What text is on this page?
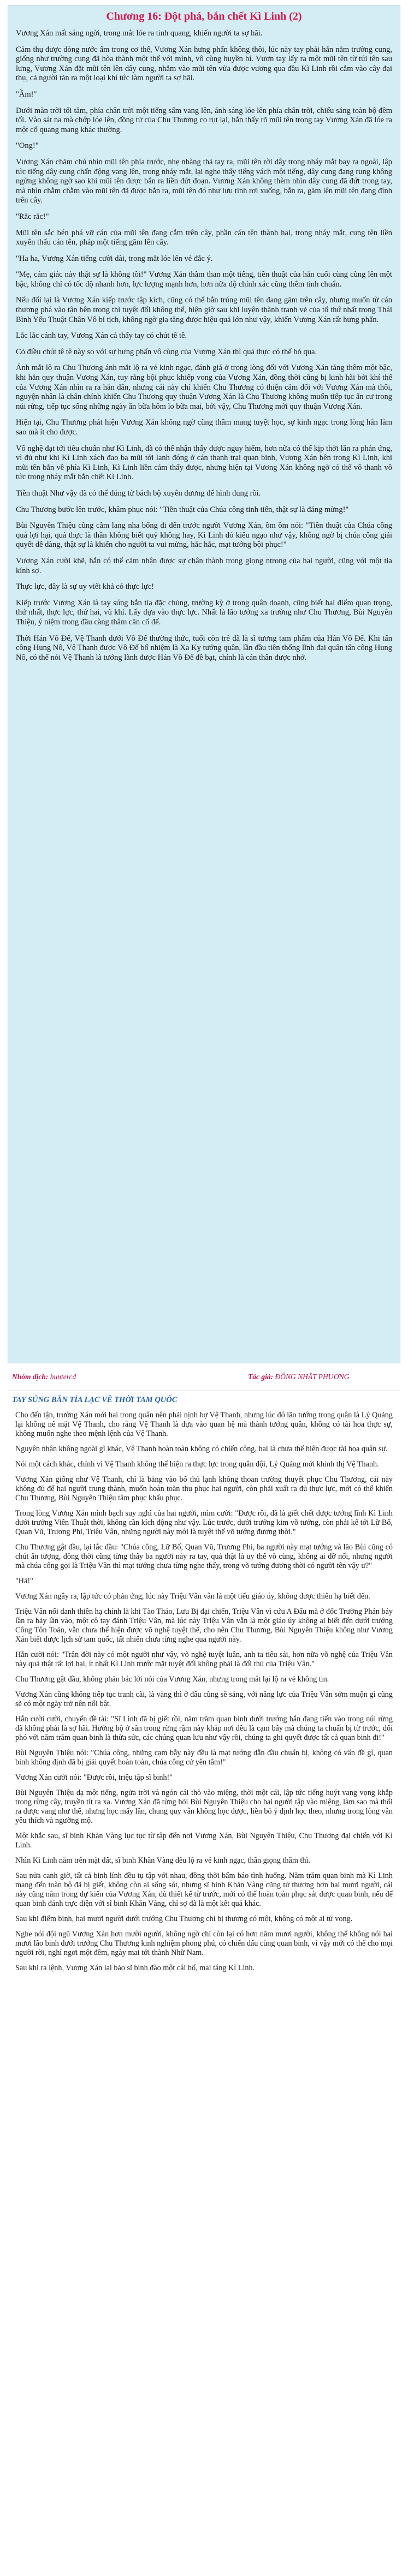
Chương 16: Đột phá, bắn chết Kì Linh (2)

Vương Xán mất sáng ngời, trong mắt lóe ra tinh quang, khiến người ta sợ hãi.

Cảm thụ được dòng nước ấm trong cơ thể, Vương Xán hưng phấn không thôi, lúc này tay phải hắn nắm trường cung, giống như trường cung đã hòa thành một thể với mình, vô cùng huyền bí. Vươn tay lấy ra một mũi tên từ túi tên sau lưng, Vương Xán đặt mũi tên lên dây cung, nhắm vào mũi tên vừa được vương qua đầu Kì Linh rồi cắm vào cây đại thụ, cả người tản ra một loại khí tức làm người ta sợ hãi.

"Ầm!"

Dưới màn trời tối tăm, phía chân trời một tiếng sấm vang lên, ánh sáng lóe lên phía chân trời, chiếu sáng toàn bộ đêm tối. Vào sát na mà chớp lóe lên, đồng tử của Chu Thương co rụt lại, hắn thấy rõ mũi tên trong tay Vương Xán đã lóe ra một cổ quang mang khác thường.

"Ong!"

Vương Xán chăm chú nhìn mũi tên phía trước, nhẹ nhàng thả tay ra, mũi tên rời dây trong nháy mắt bay ra ngoài, lập tức tiếng dây cung chấn động vang lên, trong nháy mắt, lại nghe thấy tiếng vách một tiếng, dây cung đang rung không ngừng không ngờ sao khi mũi tên được bắn ra liền đứt đoạn. Vương Xán không thèm nhìn dây cung đã đứt trong tay, mà nhìn chằm chằm vào mũi tên đã được bắn ra, mũi tên đó như lưu tinh rơi xuống, bắn ra, găm lên mũi tên đang đính trên cây.

"Rắc rắc!"

Mũi tên sắc bén phá vỡ cán của mũi tên đang cắm trên cây, phần cán tên thành hai, trong nháy mắt, cung tên liền xuyên thấu cán tên, pháp một tiếng găm lên cây.

"Ha ha, Vương Xán tiếng cười dài, trong mắt lóe lên vẻ đắc ý.

"Mẹ, cám giác này thật sự là không tồi!" Vương Xán thầm than một tiếng, tiền thuật của hắn cuối cùng cũng lên một bậc, không chỉ có tốc độ nhanh hơn, lực lượng mạnh hơn, hơn nữa độ chính xác cũng thêm tinh chuẩn.

Nếu đổi lại là Vương Xán kiếp trước tập kích, cũng có thể bắn trúng mũi tên đang găm trên cây, nhưng muốn từ cán thương phá vào tận bên trong thì tuyệt đối không thể, hiện giờ sau khi luyện thành tranh vẻ của tổ thứ nhất trong Thái Bình Yếu Thuật Chân Vô bí tịch, không ngờ gia tăng được hiệu quả lớn như vậy, khiến Vương Xán rất hưng phấn.

Lắc lắc cánh tay, Vương Xán cả thấy tay có chút tê tê.

Cỏ điều chút tê tê này so với sự hưng phấn vô cùng của Vương Xán thì quả thực có thể bỏ qua.

Ánh mắt lộ ra Chu Thương ánh mắt lộ ra vẻ kinh ngạc, đánh giá ở trong lòng đối với Vương Xán tăng thêm một bậc, khi hắn quy thuận Vương Xán, tuy rằng bội phục khiếp vong của Vương Xán, đồng thời cũng bị kinh hãi bởi khí thế của Vương Xán nhìn ra ra hắn dẫn, nhưng cái này chỉ khiến Chu Thương có thiện cảm đối với Vương Xán mà thôi, nguyện nhân là chân chính khiến Chu Thương quy thuận Vương Xán là Chu Thương không muốn tiếp tục ẩn cư trong núi rừng, tiếp tục sống những ngày ăn bữa hôm lo bữa mai, bởi vậy, Chu Thương mới quy thuận Vương Xán.

Hiện tại, Chu Thương phát hiện Vương Xán không ngờ cũng thâm mang tuyệt học, sợ kinh ngạc trong lòng hắn làm sao mà ít cho được.

Vô nghệ đạt tới tiêu chuẩn như Kì Linh, đã có thể nhận thấy được nguy hiểm, hơn nữa có thể kịp thời lăn ra phản ứng, vì đủ như khi Kì Linh xách đao ba mũi tới lanh đóng ở cán thanh trại quan binh, Vương Xán bên trong Kì Linh, khi mũi tên bắn về phía Kì Linh, Kì Linh liền cảm thấy được, nhưng hiện tại Vương Xán không ngờ có thể vô thanh vô tức trong nháy mắt bắn chết Kì Linh.

Tiền thuật Như vậy đã có thể đúng từ bách bộ xuyên dương để hình dung rồi.

Chu Thương bước lên trước, khâm phục nói: "Tiền thuật của Chúa công tinh tiến, thật sự là đáng mừng!"

Bùi Nguyên Thiệu cũng cầm lang nha bổng đi đến trước người Vương Xán, ồm ồm nói: "Tiền thuật của Chúa công quá lợi hại, quả thực là thần không biết quỷ không hay, Kì Linh đó kiêu ngạo như vậy, không ngờ bị chúa công giải quyết dễ dàng, thật sự là khiến cho người ta vui mừng, hắc hắc, mạt tướng bội phục!"

Vương Xán cười khẽ, hắn có thể cảm nhận được sự chân thành trong giọng ntrong của hai người, cũng với một tia kính sợ.

Thực lực, đây là sự uy viết khả có thực lực!

Kiếp trước Vương Xán là tay súng bắn tỉa đặc chủng, trường kỳ ở trong quân doanh, cũng biết hai điểm quan trọng, thứ nhất, thực lực, thứ hai, vũ khí. Lấy dựa vào thực lực. Nhất là lão tướng xa trường như Chu Thương, Bùi Nguyên Thiệu, ý niệm trong đầu càng thâm căn cố đế.

Thời Hán Vô Đế, Vệ Thanh dưới Vô Đế thường thức, tuổi còn trẻ đã là sĩ tương tam phẩm của Hán Vô Đế. Khi tấn công Hung Nô, Vệ Thanh được Vô Đế bổ nhiệm là Xa Kỵ tướng quân, lần đầu tiên thống lĩnh đại quân tấn công Hung Nô, có thể nói Vệ Thanh là tướng lãnh được Hán Vô Đế đề bạt, chính là cán thân được nhớ.

Nhóm dịch: huntercd	Tác giả: ĐÔNG NHẬT PHƯƠNG
TAY SÚNG BẮN TỈA LẠC VỀ THỜI TAM QUỐC

Cho đến tận, trường Xán mới hai trong quân nên phải nịnh bợ Vệ Thanh, nhưng lúc đó lão tướng trong quân là Lý Quảng lại không nể mặt Vệ Thanh, cho rằng Vệ Thanh là dựa vào quan hệ mà thành tướng quân, không có tài hoa thực sự, không muốn nghe theo mệnh lệnh của Vệ Thanh.

Nguyên nhân không ngoài gì khác, Vệ Thanh hoàn toàn không có chiến công, hai là chưa thể hiện được tài hoa quân sự.

Nói một cách khác, chính vì Vệ Thanh không thể hiện ra thực lực trong quân đội, Lý Quảng mới khinh thị Vệ Thanh.

Vương Xán giống như Vệ Thanh, chỉ là bằng vào bố thủ lạnh không thoan trường thuyết phục Chu Thương, cái này không đủ để hai người trung thành, muốn hoàn toàn thu phục hai người, còn phải xuất ra đủ thực lực, mới có thể khiến Chu Thương, Bùi Nguyên Thiệu tâm phục khẩu phục.

Trong lòng Vương Xán mình bạch suy nghĩ của hai người, mìm cười: "Được rồi, đã là giết chết được tướng lĩnh Kì Linh dưới trướng Viên Thuật thời, không cần kích động như vậy. Lúc trước, dưới trướng kim võ tướng, còn phải kể tới Lữ Bố, Quan Vũ, Trương Phi, Triệu Vân, những người này mới là tuyệt thế võ tướng đương thời."

Chu Thương gật đầu, lại lắc đầu: "Chúa công, Lữ Bố, Quan Vũ, Trương Phi, ba người này mạt tướng và lão Bùi cũng có chút ấn tượng, đồng thời cũng từng thấy ba người này ra tay, quả thật là uy thế vô cùng, không ai đỡ nổi, nhưng người mà chúa công gọi là Triệu Vân thì mạt tướng chưa từng nghe thấy, trong võ tướng đương thời có người tên vậy ư?"

"Hả!"

Vương Xán ngây ra, lập tức có phản ứng, lúc này Triệu Vân vẫn là một tiểu giáo úy, không được thiên hạ biết đến.

Triệu Vân nổi danh thiên hạ chính là khi Tào Tháo, Lưu Bị đại chiến, Triệu Vân vì cứu A Đấu mà ở đốc Trường Phản bảy lần ra bảy lần vào, một cô tay đánh Triệu Vân, mà lúc này Triệu Vân vẫn là một giáo úy không ai biết đến dưới trướng Công Tôn Toản, vẫn chưa thể hiện được võ nghệ tuyệt thế, cho nên Chu Thương, Bùi Nguyên Thiệu không như Vương Xán biết được lịch sử tam quốc, tất nhiên chưa từng nghe qua người này.

Hắn cười nói: "Trận đời này có một người như vậy, võ nghệ tuyệt luân, anh ta tiêu sái, hơn nữa võ nghệ của Triệu Vân này quả thật rất lợi hại, ít nhất Kì Linh trước mặt tuyệt đối không phải là đối thủ của Triệu Vân."

Chu Thương gật đầu, không phản bác lời nói của Vương Xán, nhưng trong mắt lại lộ ra vẻ không tin.

Vương Xán cũng không tiếp tục tranh cãi, là vàng thì ở đâu cũng sẽ sáng, với năng lực của Triệu Vân sớm muộn gì cũng sẽ có một ngày trở nên nổi bật.

Hắn cười cười, chuyển đề tài: "Sĩ Linh đã bị giết rồi, năm trăm quan binh dưới trướng hắn đang tiến vào trong núi rừng đã không phải là sợ hãi. Hướng bộ ở sân trong rừng rậm này khắp nơi đều là cạm bẫy mà chúng ta chuẩn bị từ trước, đối phó với năm trăm quan binh là thừa sức, các chúng quan lưu như vậy rồi, chúng ta ghi quyết được tất cả quan binh đi!"

Bùi Nguyên Thiệu nói: "Chúa công, những cạm bẫy này đều là mạt tướng dẫn đầu chuẩn bị, không có vấn đề gì, quan binh không định đã bị giải quyết hoàn toàn, chúa công cứ yên tâm!"

Vương Xán cười nói: "Được rồi, triệu tập sĩ binh!"

Bùi Nguyên Thiệu dạ một tiếng, ngửa trời và ngón cái thò vào miệng, thời một cái, lập tức tiếng huýt vang vọng khắp trong rừng cây, truyền tít ra xa. Vương Xán đã từng hỏi Bùi Nguyên Thiệu cho hai người tập vào miệng, làm sao mà thổi ra được vang như thế, nhưng học mấy lần, chung quy vẫn không học được, liền bỏ ý định học theo, nhưng trong lòng vẫn yêu thích và ngưỡng mộ.

Một khắc sau, sĩ binh Khăn Vàng lục tục từ tập đến nơi Vương Xán, Bùi Nguyên Thiệu, Chu Thương đại chiến với Kì Linh.

Nhìn Kì Linh nằm trên mặt đất, sĩ binh Khăn Vàng đều lộ ra vẻ kinh ngạc, thân giọng thăm thì.

Sau nửa canh giờ, tất cả binh lính đều tụ tập với nhau, đồng thời bẩm báo tình huống. Năm trăm quan binh mà Kì Linh mang đến toàn bộ đã bị giết, không còn ai sống sót, nhưng sĩ binh Khăn Vàng cũng tử thương hơn hai mươi người, cái này cũng nằm trong dự kiến của Vương Xán, dù thiết kế từ trước, mới có thể hoàn toàn phục sát được quan binh, nếu để quan binh đánh trực diện với sĩ binh Khăn Vàng, chỉ sợ đã là một kết quả khác.

Sau khi điểm binh, hai mươi người dưới trướng Chu Thương chỉ bị thương có một, không có một ai tử vong.

Nghe nói đội ngũ Vương Xán hơn mười người, không ngờ chỉ còn lại có hơn năm mươi người, không thể không nói hai mươi lão binh dưới trướng Chu Thương kinh nghiệm phong phú, có chiến đấu cùng quan binh, vì vậy mới có thể cho mọi người rời, nghỉ ngơi một đêm, ngày mai tới thành Nhữ Nam.

Sau khi ra lệnh, Vương Xán lại bảo sĩ binh đào một cái hố, mai táng Kì Linh.
